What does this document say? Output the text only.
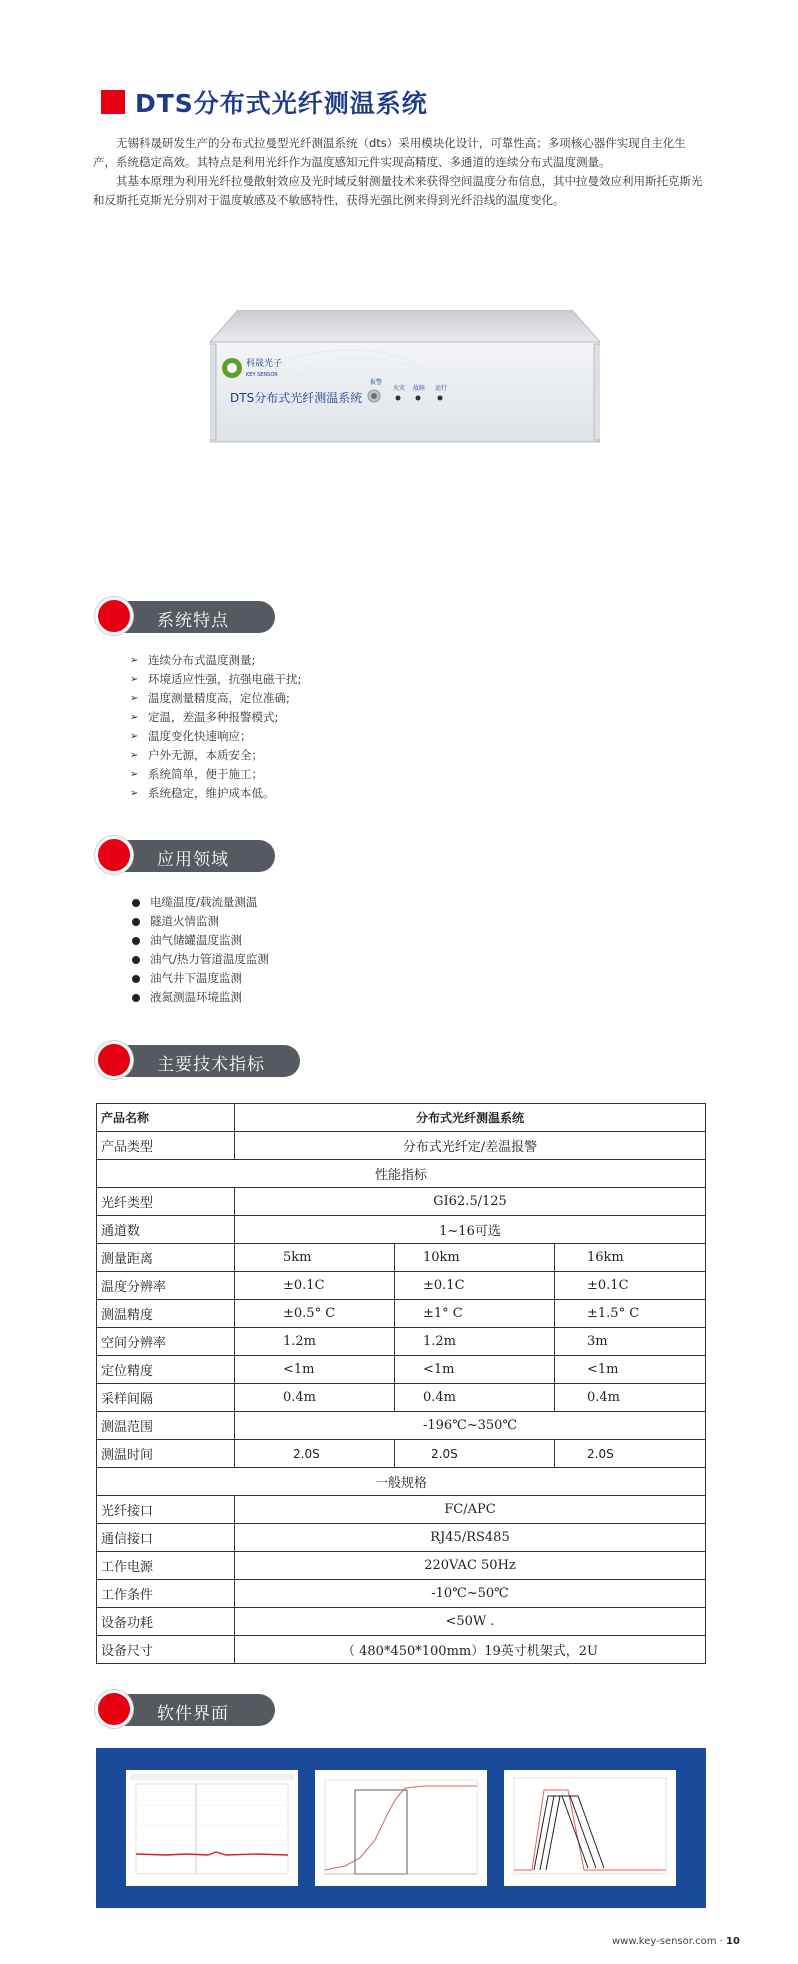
DTS分布式光纤测温系统

无锡科晟研发生产的分布式拉曼型光纤测温系统（dts）采用模块化设计，可靠性高；多项核心器件实现自主化生产，系统稳定高效。其特点是利用光纤作为温度感知元件实现高精度、多通道的连续分布式温度测量。

其基本原理为利用光纤拉曼散射效应及光时域反射测量技术来获得空间温度分布信息，其中拉曼效应利用斯托克斯光和反斯托克斯光分别对于温度敏感及不敏感特性，获得光强比例来得到光纤沿线的温度变化。

科晟光子
KEY SENSOR
DTS分布式光纤测温系统
报警
火灾 故障 运行
系统特点
➢ 连续分布式温度测量;
➢ 环境适应性强，抗强电磁干扰;
➢ 温度测量精度高，定位准确;
➢ 定温，差温多种报警模式;
➢ 温度变化快速响应；
➢ 户外无源，本质安全；
➢ 系统简单，便于施工；
➢ 系统稳定，维护成本低。
应用领域
电缆温度/载流量测温
隧道火情监测
油气储罐温度监测
油气/热力管道温度监测
油气井下温度监测
液氮测温环境监测
主要技术指标
产品名称	分布式光纤测温系统		
产品类型	分布式光纤定/差温报警		
性能指标			
光纤类型	GI62.5/125		
通道数	1~16可选		
测量距离	5km	10km	16km
温度分辨率	±0.1C	±0.1C	±0.1C
测温精度	±0.5° C	±1° C	±1.5° C
空间分辨率	1.2m	1.2m	3m
定位精度	<1m	<1m	<1m
采样间隔	0.4m	0.4m	0.4m
测温范围	-196℃~350℃		
测温时间	2.0S	2.0S	2.0S
一般规格			
光纤接口	FC/APC		
通信接口	RJ45/RS485		
工作电源	220VAC 50Hz		
工作条件	-10℃~50℃		
设备功耗	<50W .		
设备尺寸	（ 480*450*100mm）19英寸机架式，2U		
软件界面
www.key-sensor.com · 10
